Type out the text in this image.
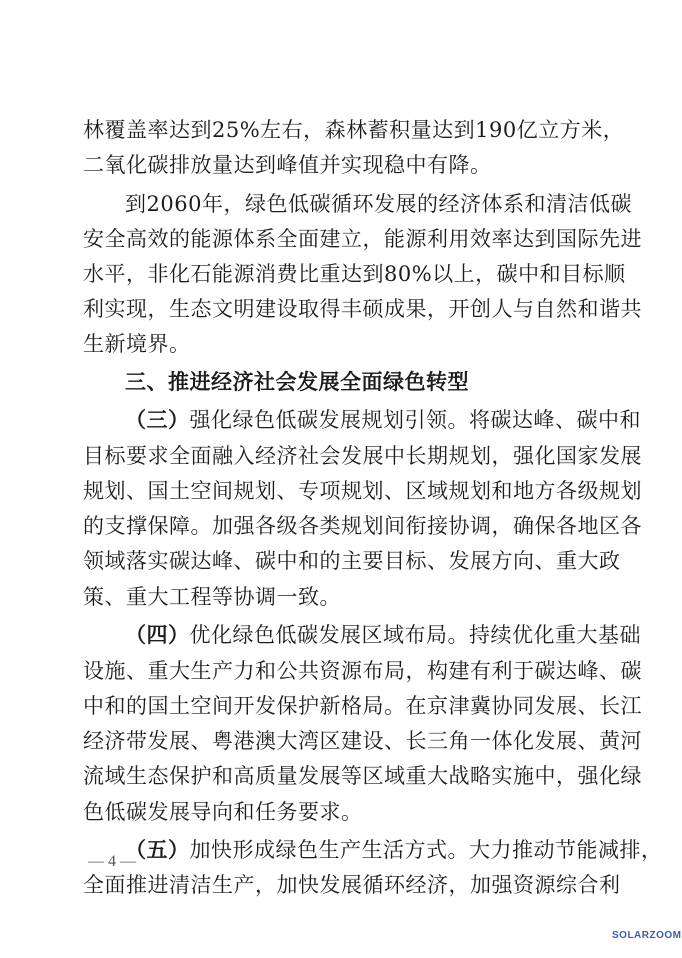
林覆盖率达到25%左右，森林蓄积量达到190亿立方米，
二氧化碳排放量达到峰值并实现稳中有降。
到2060年，绿色低碳循环发展的经济体系和清洁低碳
安全高效的能源体系全面建立，能源利用效率达到国际先进
水平，非化石能源消费比重达到80%以上，碳中和目标顺
利实现，生态文明建设取得丰硕成果，开创人与自然和谐共
生新境界。
三、推进经济社会发展全面绿色转型
（三）强化绿色低碳发展规划引领。将碳达峰、碳中和
目标要求全面融入经济社会发展中长期规划，强化国家发展
规划、国土空间规划、专项规划、区域规划和地方各级规划
的支撑保障。加强各级各类规划间衔接协调，确保各地区各
领域落实碳达峰、碳中和的主要目标、发展方向、重大政
策、重大工程等协调一致。
（四）优化绿色低碳发展区域布局。持续优化重大基础
设施、重大生产力和公共资源布局，构建有利于碳达峰、碳
中和的国土空间开发保护新格局。在京津冀协同发展、长江
经济带发展、粤港澳大湾区建设、长三角一体化发展、黄河
流域生态保护和高质量发展等区域重大战略实施中，强化绿
色低碳发展导向和任务要求。
（五）加快形成绿色生产生活方式。大力推动节能减排，
全面推进清洁生产，加快发展循环经济，加强资源综合利
— 4 —
SOLARZOOM
